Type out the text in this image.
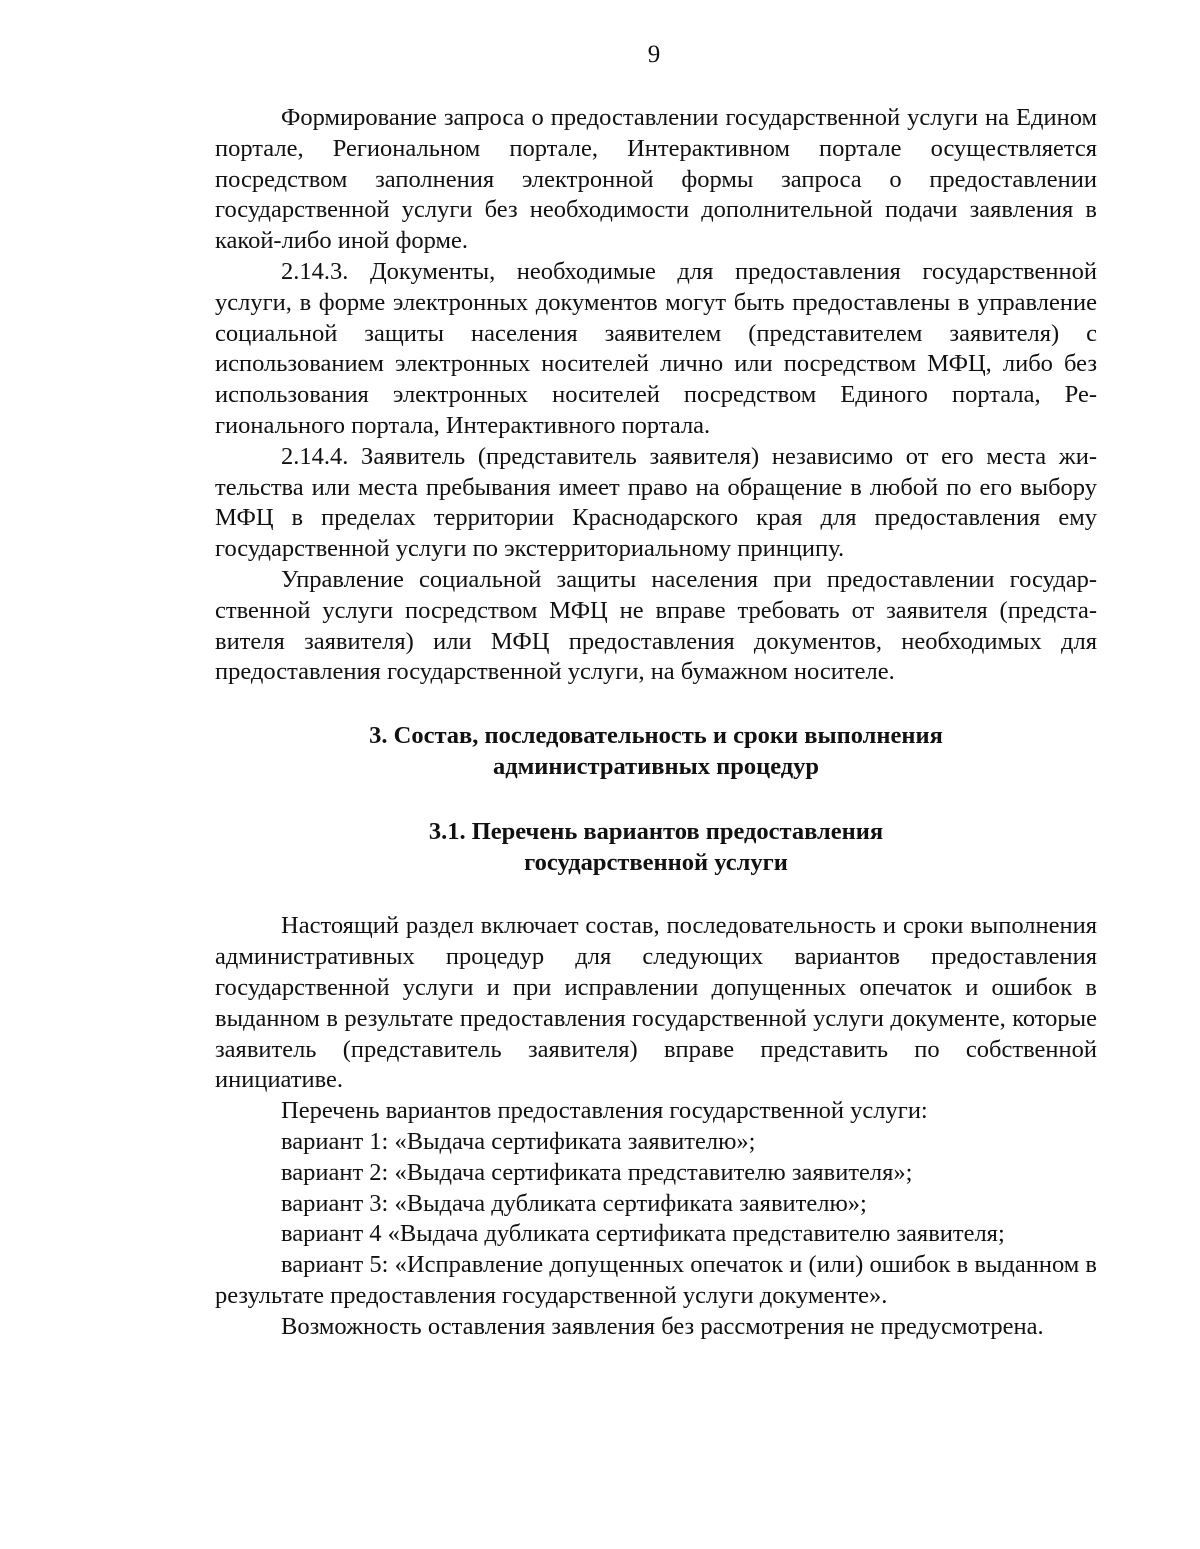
9

Формирование запроса о предоставлении государственной услуги на Едином портале, Региональном портале, Интерактивном портале осуществляется посредством заполнения электронной формы запроса о предоставлении государственной услуги без необходимости дополнительной подачи заявления в какой-либо иной форме.

2.14.3. Документы, необходимые для предоставления государственной услуги, в форме электронных документов могут быть предоставлены в управление социальной защиты населения заявителем (представителем заявителя) с использованием электронных носителей лично или посредством МФЦ, либо без использования электронных носителей посредством Единого портала, Регионального портала, Интерактивного портала.

2.14.4. Заявитель (представитель заявителя) независимо от его места жительства или места пребывания имеет право на обращение в любой по его выбору МФЦ в пределах территории Краснодарского края для предоставления ему государственной услуги по экстерриториальному принципу.

Управление социальной защиты населения при предоставлении государственной услуги посредством МФЦ не вправе требовать от заявителя (представителя заявителя) или МФЦ предоставления документов, необходимых для предоставления государственной услуги, на бумажном носителе.

3. Состав, последовательность и сроки выполнения

административных процедур

3.1. Перечень вариантов предоставления

государственной услуги

Настоящий раздел включает состав, последовательность и сроки выполнения административных процедур для следующих вариантов предоставления государственной услуги и при исправлении допущенных опечаток и ошибок в выданном в результате предоставления государственной услуги документе, которые заявитель (представитель заявителя) вправе представить по собственной инициативе.

Перечень вариантов предоставления государственной услуги:

вариант 1: «Выдача сертификата заявителю»;

вариант 2: «Выдача сертификата представителю заявителя»;

вариант 3: «Выдача дубликата сертификата заявителю»;

вариант 4 «Выдача дубликата сертификата представителю заявителя;

вариант 5: «Исправление допущенных опечаток и (или) ошибок в выданном в результате предоставления государственной услуги документе».

Возможность оставления заявления без рассмотрения не предусмотрена.
